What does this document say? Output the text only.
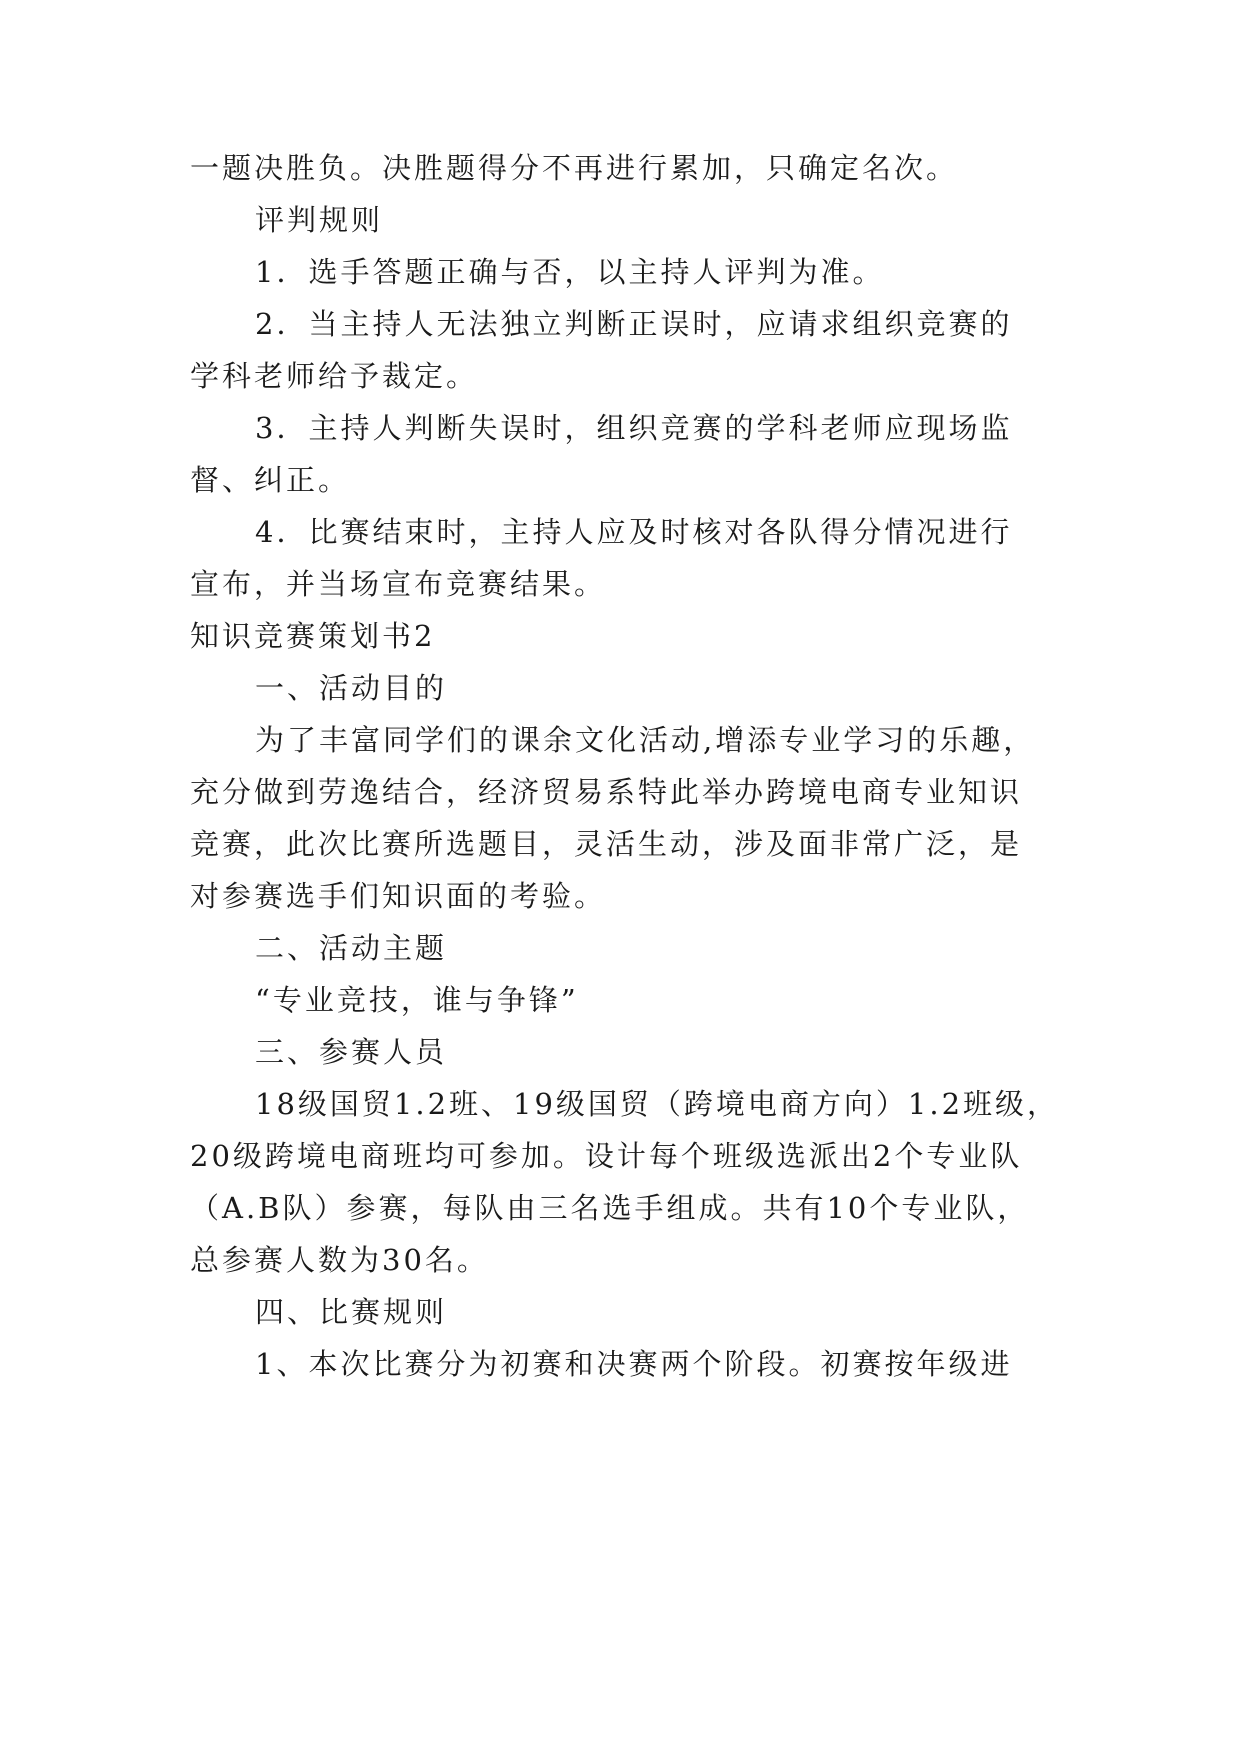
一题决胜负。决胜题得分不再进行累加，只确定名次。
评判规则
1．选手答题正确与否，以主持人评判为准。
2．当主持人无法独立判断正误时，应请求组织竞赛的
学科老师给予裁定。
3．主持人判断失误时，组织竞赛的学科老师应现场监
督、纠正。
4．比赛结束时，主持人应及时核对各队得分情况进行
宣布，并当场宣布竞赛结果。
知识竞赛策划书2
一、活动目的
为了丰富同学们的课余文化活动,增添专业学习的乐趣，
充分做到劳逸结合，经济贸易系特此举办跨境电商专业知识
竞赛，此次比赛所选题目，灵活生动，涉及面非常广泛，是
对参赛选手们知识面的考验。
二、活动主题
“专业竞技，谁与争锋”
三、参赛人员
18级国贸1.2班、19级国贸（跨境电商方向）1.2班级，
20级跨境电商班均可参加。设计每个班级选派出2个专业队
（A.B队）参赛，每队由三名选手组成。共有10个专业队，
总参赛人数为30名。
四、比赛规则
1、本次比赛分为初赛和决赛两个阶段。初赛按年级进
